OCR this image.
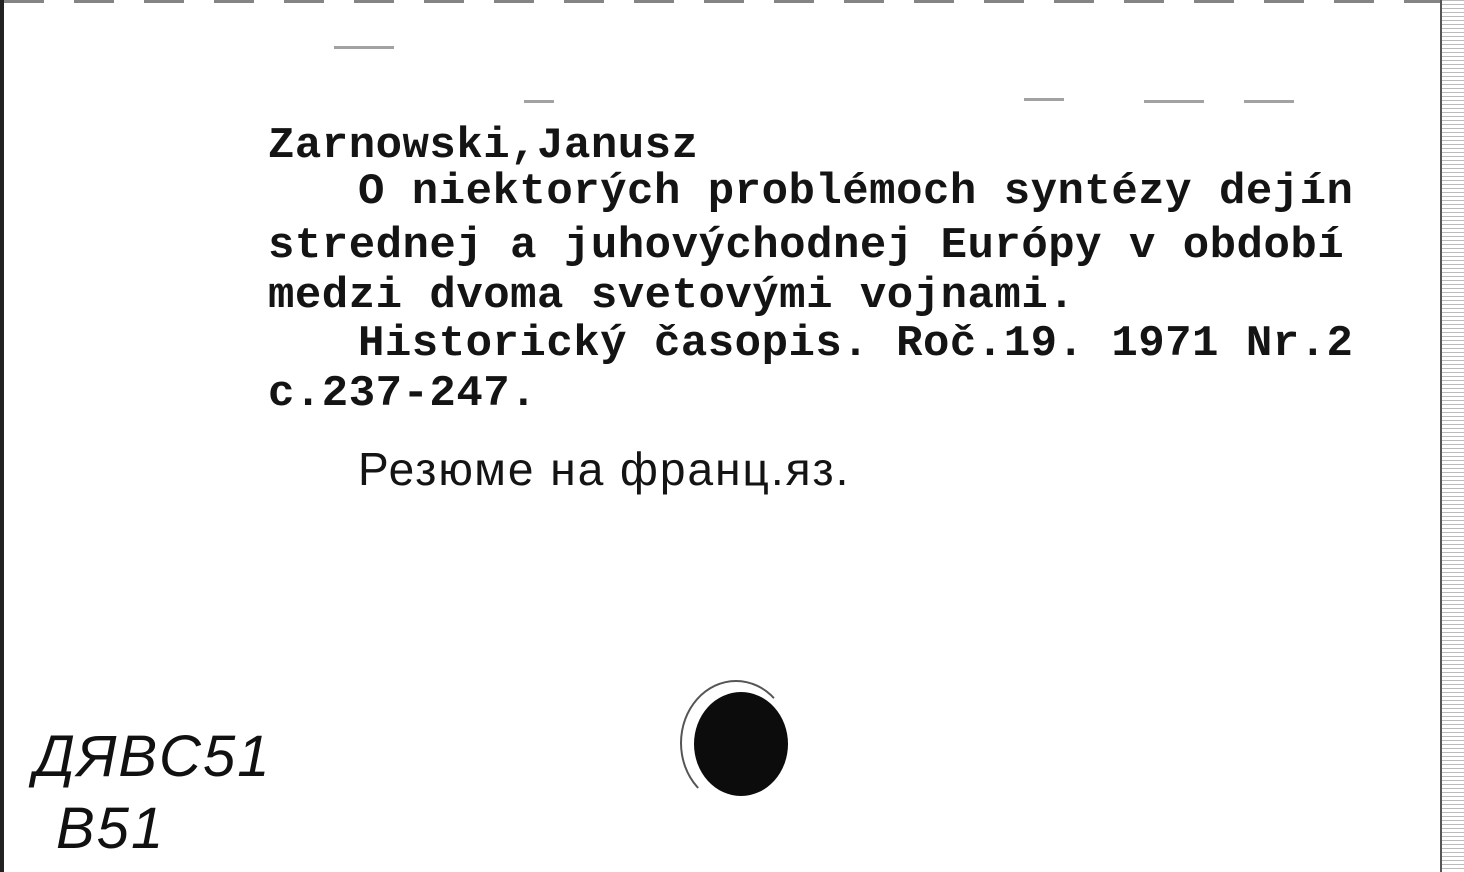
Zarnowski,Janusz
O niektorých problémoch syntézy dejín
strednej a juhovýchodnej Európy v období
medzi dvoma svetovými vojnami.
Historický časopis. Roč.19. 1971 Nr.2
c.237-247.
Резюме на франц.яз.
ДЯBC51
B51
